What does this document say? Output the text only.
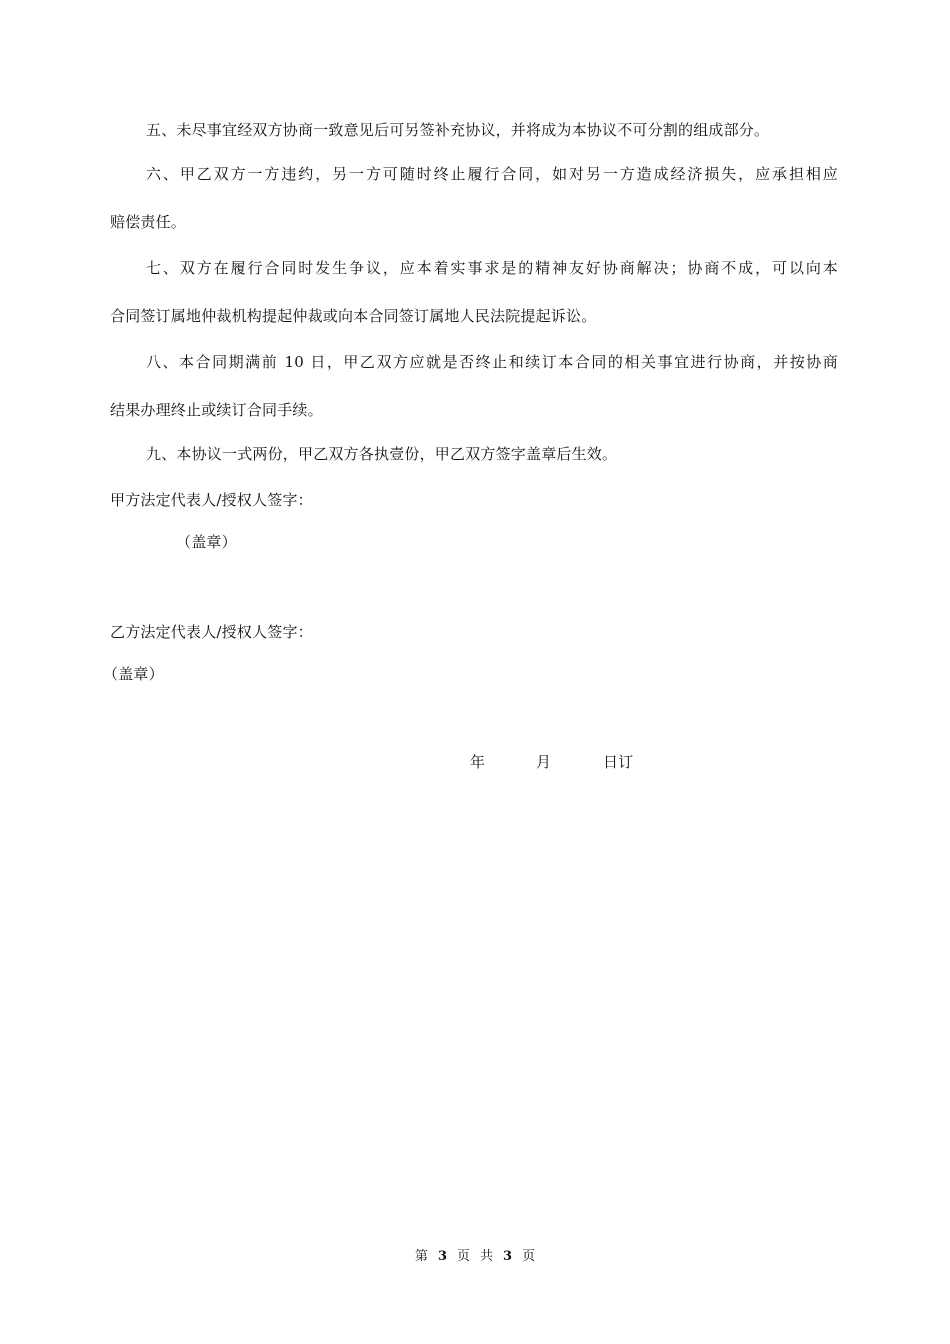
五、未尽事宜经双方协商一致意见后可另签补充协议，并将成为本协议不可分割的组成部分。
六、甲乙双方一方违约，另一方可随时终止履行合同，如对另一方造成经济损失，应承担相应
赔偿责任。
七、双方在履行合同时发生争议，应本着实事求是的精神友好协商解决；协商不成，可以向本
合同签订属地仲裁机构提起仲裁或向本合同签订属地人民法院提起诉讼。
八、本合同期满前 10 日，甲乙双方应就是否终止和续订本合同的相关事宜进行协商，并按协商
结果办理终止或续订合同手续。
九、本协议一式两份，甲乙双方各执壹份，甲乙双方签字盖章后生效。
甲方法定代表人/授权人签字：
（盖章）
乙方法定代表人/授权人签字：
（盖章）
年	月	日订
第 3 页 共 3 页
